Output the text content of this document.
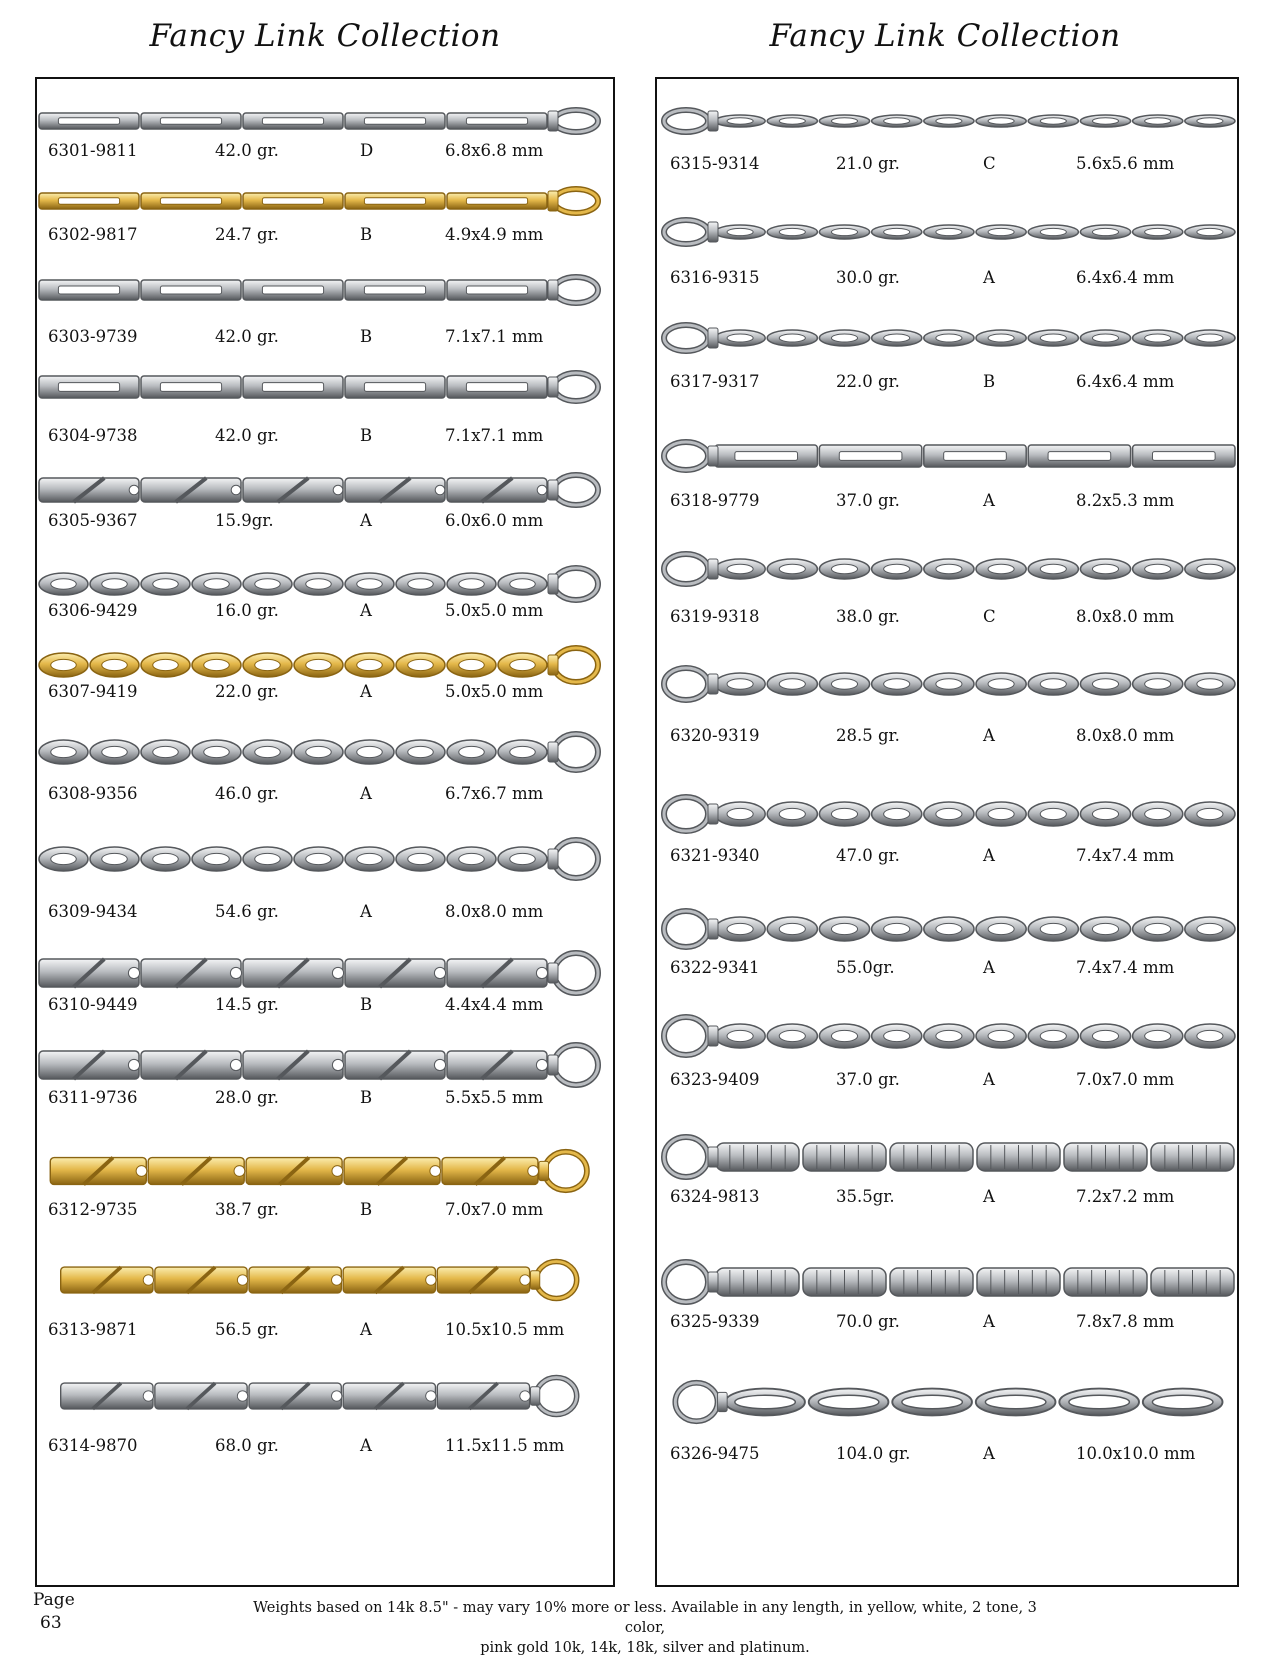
Fancy Link Collection	Fancy Link Collection
Page
63
Weights based on 14k 8.5" - may vary 10% more or less. Available in any length, in yellow, white, 2 tone, 3 color,
pink gold 10k, 14k, 18k, silver and platinum.
6301-9811	42.0 gr.	D	6.8x6.8 mm
6302-9817	24.7 gr.	B	4.9x4.9 mm
6303-9739	42.0 gr.	B	7.1x7.1 mm
6304-9738	42.0 gr.	B	7.1x7.1 mm
6305-9367	15.9gr.	A	6.0x6.0 mm
6306-9429	16.0 gr.	A	5.0x5.0 mm
6307-9419	22.0 gr.	A	5.0x5.0 mm
6308-9356	46.0 gr.	A	6.7x6.7 mm
6309-9434	54.6 gr.	A	8.0x8.0 mm
6310-9449	14.5 gr.	B	4.4x4.4 mm
6311-9736	28.0 gr.	B	5.5x5.5 mm
6312-9735	38.7 gr.	B	7.0x7.0 mm
6313-9871	56.5 gr.	A	10.5x10.5 mm
6314-9870	68.0 gr.	A	11.5x11.5 mm
6315-9314	21.0 gr.	C	5.6x5.6 mm
6316-9315	30.0 gr.	A	6.4x6.4 mm
6317-9317	22.0 gr.	B	6.4x6.4 mm
6318-9779	37.0 gr.	A	8.2x5.3 mm
6319-9318	38.0 gr.	C	8.0x8.0 mm
6320-9319	28.5 gr.	A	8.0x8.0 mm
6321-9340	47.0 gr.	A	7.4x7.4 mm
6322-9341	55.0gr.	A	7.4x7.4 mm
6323-9409	37.0 gr.	A	7.0x7.0 mm
6324-9813	35.5gr.	A	7.2x7.2 mm
6325-9339	70.0 gr.	A	7.8x7.8 mm
6326-9475	104.0 gr.	A	10.0x10.0 mm
